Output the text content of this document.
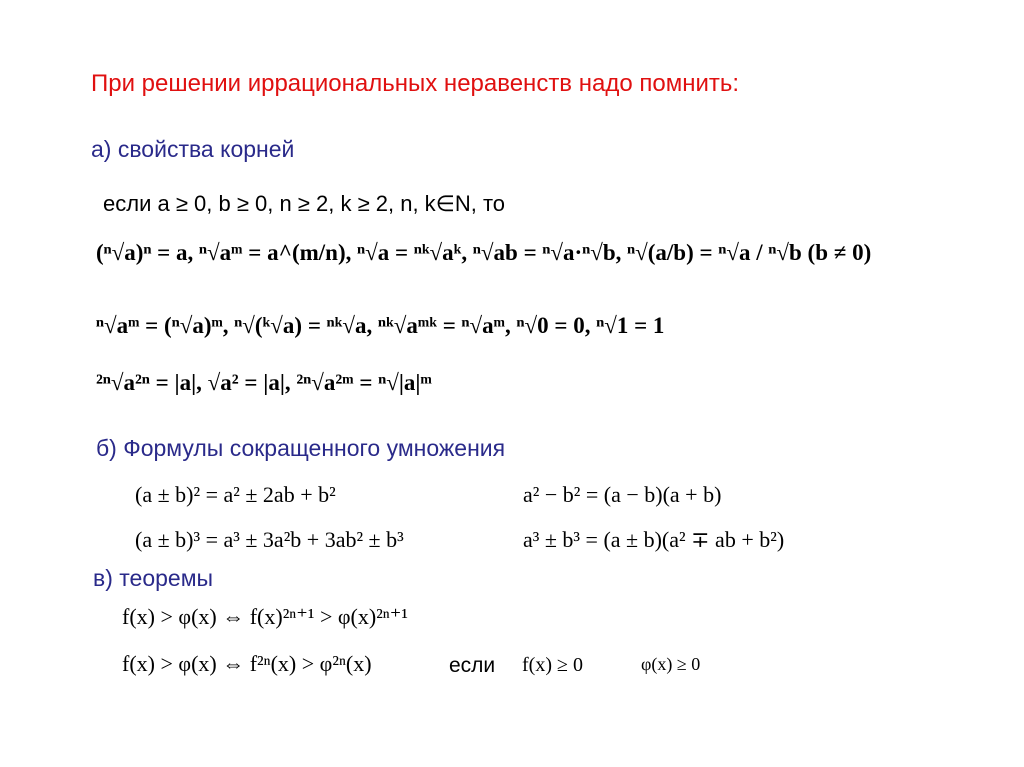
При решении иррациональных неравенств надо помнить:
а) свойства корней
если a ≥ 0, b ≥ 0, n ≥ 2, k ≥ 2, n, k∈N, то
(ⁿ√a)ⁿ = a, ⁿ√aᵐ = a^(m/n), ⁿ√a = ⁿᵏ√aᵏ, ⁿ√ab = ⁿ√a·ⁿ√b, ⁿ√(a/b) = ⁿ√a / ⁿ√b (b ≠ 0)
ⁿ√aᵐ = (ⁿ√a)ᵐ, ⁿ√(ᵏ√a) = ⁿᵏ√a, ⁿᵏ√aᵐᵏ = ⁿ√aᵐ, ⁿ√0 = 0, ⁿ√1 = 1
²ⁿ√a²ⁿ = |a|, √a² = |a|, ²ⁿ√a²ᵐ = ⁿ√|a|ᵐ
б) Формулы сокращенного умножения
(a ± b)² = a² ± 2ab + b²	a² − b² = (a − b)(a + b)
(a ± b)³ = a³ ± 3a²b + 3ab² ± b³	a³ ± b³ = (a ± b)(a² ∓ ab + b²)
в) теоремы
f(x) > φ(x) ⇔ f(x)²ⁿ⁺¹ > φ(x)²ⁿ⁺¹
f(x) > φ(x) ⇔ f²ⁿ(x) > φ²ⁿ(x)	если f(x) ≥ 0	φ(x) ≥ 0
